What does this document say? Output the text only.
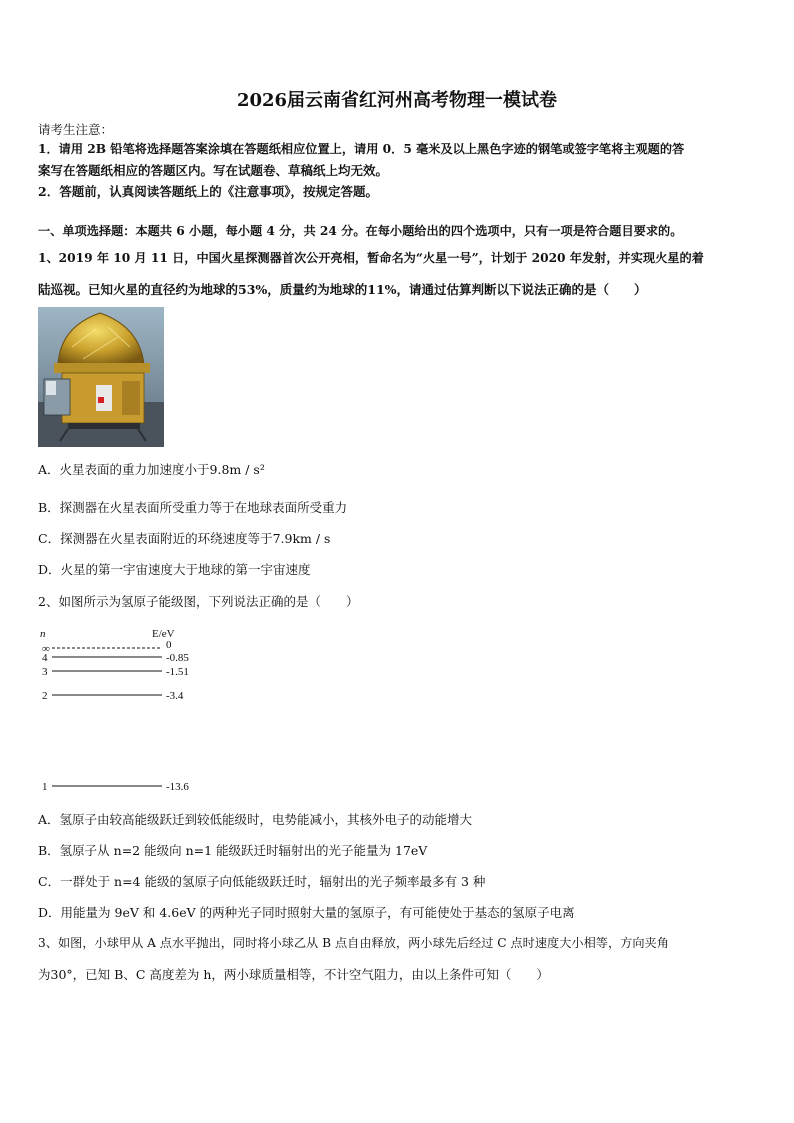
2026届云南省红河州高考物理一模试卷
请考生注意：
1．请用 2B 铅笔将选择题答案涂填在答题纸相应位置上，请用 0．5 毫米及以上黑色字迹的钢笔或签字笔将主观题的答
案写在答题纸相应的答题区内。写在试题卷、草稿纸上均无效。
2．答题前，认真阅读答题纸上的《注意事项》，按规定答题。
一、单项选择题：本题共 6 小题，每小题 4 分，共 24 分。在每小题给出的四个选项中，只有一项是符合题目要求的。
1、2019 年 10 月 11 日，中国火星探测器首次公开亮相，暂命名为“火星一号”，计划于 2020 年发射，并实现火星的着
陆巡视。已知火星的直径约为地球的53%，质量约为地球的11%，请通过估算判断以下说法正确的是（　　）
A．火星表面的重力加速度小于9.8m / s²
B．探测器在火星表面所受重力等于在地球表面所受重力
C．探测器在火星表面附近的环绕速度等于7.9km / s
D．火星的第一宇宙速度大于地球的第一宇宙速度
2、如图所示为氢原子能级图，下列说法正确的是（　　）
n	E/eV
∞	0
4	-0.85
3	-1.51
2	-3.4
1	-13.6
A．氢原子由较高能级跃迁到较低能级时，电势能减小，其核外电子的动能增大
B．氢原子从 n=2 能级向 n=1 能级跃迁时辐射出的光子能量为 17eV
C．一群处于 n=4 能级的氢原子向低能级跃迁时，辐射出的光子频率最多有 3 种
D．用能量为 9eV 和 4.6eV 的两种光子同时照射大量的氢原子，有可能使处于基态的氢原子电离
3、如图，小球甲从 A 点水平抛出，同时将小球乙从 B 点自由释放，两小球先后经过 C 点时速度大小相等，方向夹角
为30°，已知 B、C 高度差为 h，两小球质量相等，不计空气阻力，由以上条件可知（　　）
